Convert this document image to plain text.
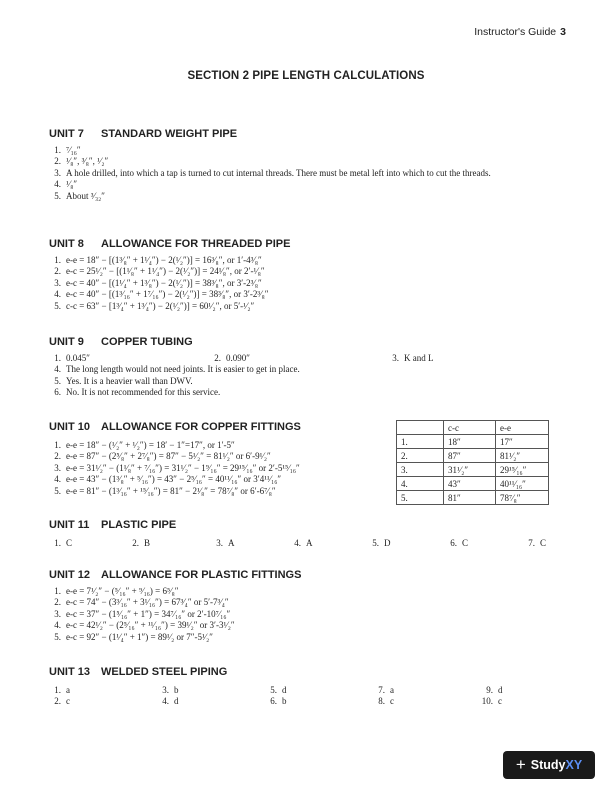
Instructor's Guide 3
SECTION 2 PIPE LENGTH CALCULATIONS
UNIT 7 STANDARD WEIGHT PIPE
1. ⁷⁄₁₆″
2. ¹⁄₈″, ³⁄₈″, ¹⁄₂″
3. A hole drilled, into which a tap is turned to cut internal threads. There must be metal left into which to cut the threads.
4. ¹⁄₈″
5. About ³⁄₃₂″
UNIT 8 ALLOWANCE FOR THREADED PIPE
1. e-e = 18″ − [(1³⁄₈″ + 1¹⁄₄″) − 2(¹⁄₂″)] = 16³⁄₈″, or 1′-4³⁄₈″
2. e-c = 25¹⁄₂″ − [(1¹⁄₈″ + 1¹⁄₄″) − 2(¹⁄₂″)] = 24¹⁄₈″, or 2′-¹⁄₈″
3. e-c = 40″ − [(1¹⁄₄″ + 1³⁄₈″) − 2(¹⁄₂″)] = 38³⁄₈″, or 3′-2³⁄₈″
4. e-c = 40″ − [(1³⁄₁₆″ + 1⁷⁄₁₆″) − 2(¹⁄₂″)] = 38³⁄₈″, or 3′-2³⁄₈″
5. c-c = 63″ − [1³⁄₄″ + 1³⁄₄″) − 2(¹⁄₂″)] = 60¹⁄₂″, or 5′-¹⁄₂″
UNIT 9 COPPER TUBING
1. 0.045″	2. 0.090″	3. K and L
4. The long length would not need joints. It is easier to get in place.
5. Yes. It is a heavier wall than DWV.
6. No. It is not recommended for this service.
UNIT 10 ALLOWANCE FOR COPPER FITTINGS
1. e-e = 18″ − (¹⁄₂″ + ¹⁄₂″) = 18′ − 1″=17″, or 1′-5″
2. e-e = 87″ − (2⁵⁄₈″ + 2⁷⁄₈″) = 87″ − 5¹⁄₂″ = 81¹⁄₂″ or 6′-9¹⁄₂″
3. e-e = 31¹⁄₂″ − (1¹⁄₈″ + ⁷⁄₁₆″) = 31¹⁄₂″ − 1⁹⁄₁₆″ = 29¹⁵⁄₁₆″ or 2′-5¹⁵⁄₁₆″
4. e-e = 43″ − (1³⁄₈″ + ⁵⁄₁₆″) = 43″ − 2⁵⁄₁₆″ = 40¹¹⁄₁₆″ or 3′4¹¹⁄₁₆″
5. e-e = 81″ − (1³⁄₁₆″ + ¹⁵⁄₁₆″) = 81″ − 2¹⁄₈″ = 78⁷⁄₈″ or 6′-6⁷⁄₈″
	c-c	e-e
1.	18″	17″
2.	87″	81¹⁄₂″
3.	31¹⁄₂″	29¹⁵⁄₁₆″
4.	43″	40¹¹⁄₁₆″
5.	81″	78⁷⁄₈″
UNIT 11 PLASTIC PIPE
1. C	2. B	3. A	4. A	5. D	6. C	7. C
UNIT 12 ALLOWANCE FOR PLASTIC FITTINGS
1. e-e = 7¹⁄₂″ − (⁵⁄₁₆″ + ⁹⁄₁₆) = 6⁵⁄₈″
2. e-c = 74″ − (3³⁄₁₆″ + 3¹⁄₁₆″) = 67³⁄₄″ or 5′-7³⁄₄″
3. e-c = 37″ − (1⁵⁄₁₆″ + 1″) = 34⁷⁄₁₆″ or 2′-10⁷⁄₁₆″
4. e-c = 42¹⁄₂″ − (2⁵⁄₁₆″ + ¹¹⁄₁₆″) = 39¹⁄₂″ or 3′-3¹⁄₂″
5. e-c = 92″ − (1¹⁄₄″ + 1″) = 89¹⁄₂ or 7″-5¹⁄₂″
UNIT 13 WELDED STEEL PIPING
1. a	3. b	5. d	7. a	9. d
2. c	4. d	6. b	8. c	10. c
+ Study XY
